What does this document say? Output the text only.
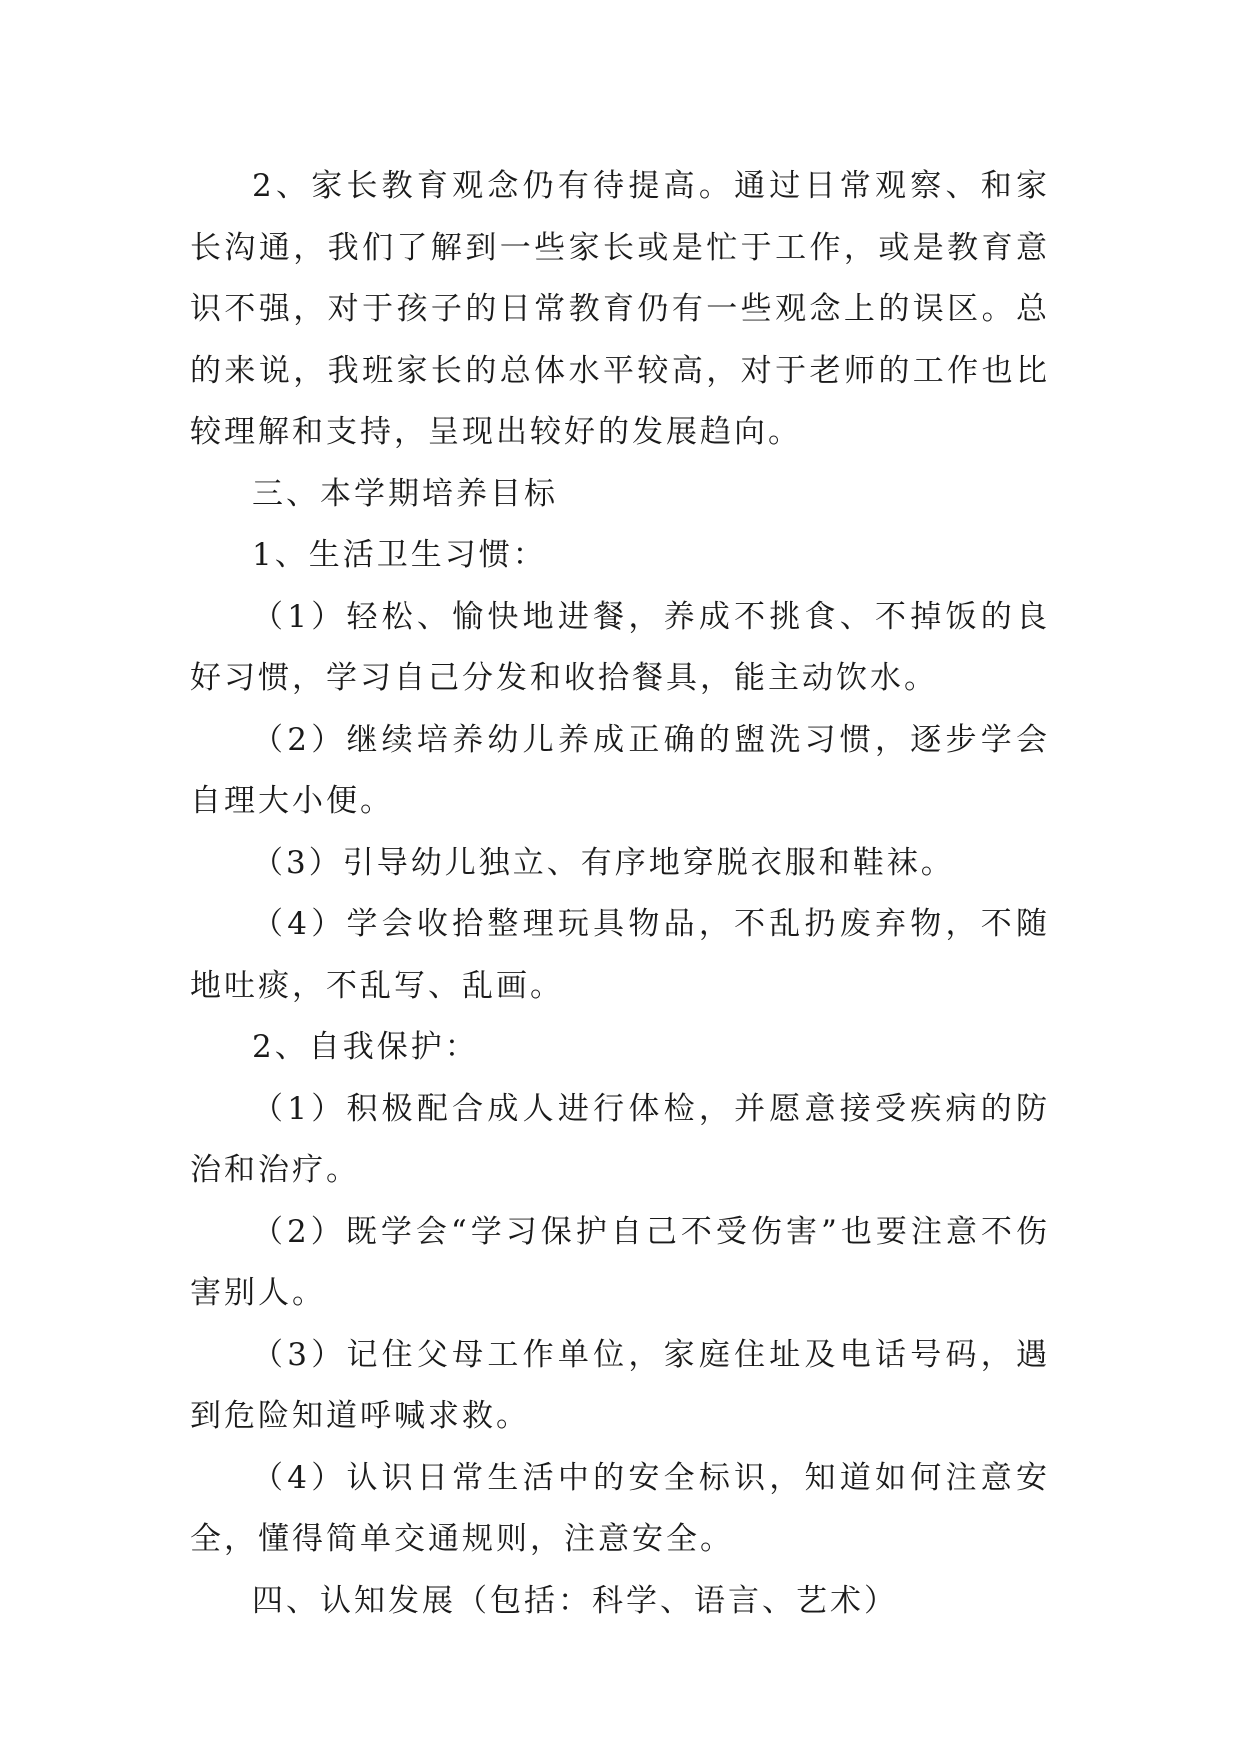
2、家长教育观念仍有待提高。通过日常观察、和家长沟通，我们了解到一些家长或是忙于工作，或是教育意识不强，对于孩子的日常教育仍有一些观念上的误区。总的来说，我班家长的总体水平较高，对于老师的工作也比较理解和支持，呈现出较好的发展趋向。

三、本学期培养目标

1、生活卫生习惯：

（1）轻松、愉快地进餐，养成不挑食、不掉饭的良好习惯，学习自己分发和收拾餐具，能主动饮水。

（2）继续培养幼儿养成正确的盥洗习惯，逐步学会自理大小便。

（3）引导幼儿独立、有序地穿脱衣服和鞋袜。

（4）学会收拾整理玩具物品，不乱扔废弃物，不随地吐痰，不乱写、乱画。

2、自我保护：

（1）积极配合成人进行体检，并愿意接受疾病的防治和治疗。

（2）既学会“学习保护自己不受伤害”也要注意不伤害别人。

（3）记住父母工作单位，家庭住址及电话号码，遇到危险知道呼喊求救。

（4）认识日常生活中的安全标识，知道如何注意安全，懂得简单交通规则，注意安全。

四、认知发展（包括：科学、语言、艺术）
